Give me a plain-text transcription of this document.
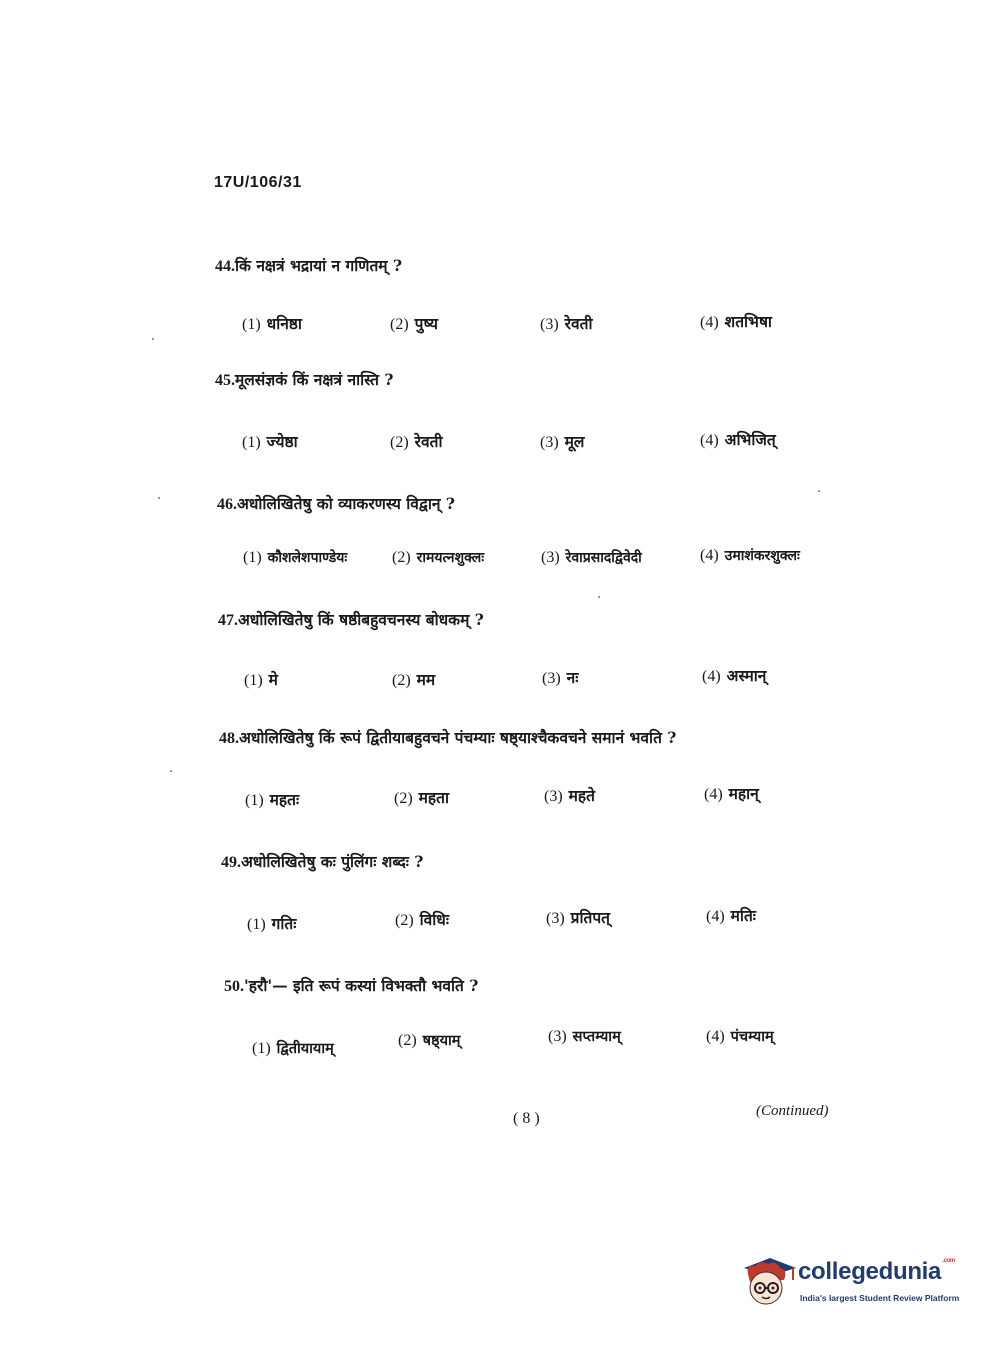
17U/106/31
44.किं नक्षत्रं भद्रायां न गणितम् ?
(1) धनिष्ठा	(2) पुष्य	(3) रेवती	(4) शतभिषा
45.मूलसंज्ञकं किं नक्षत्रं नास्ति ?
(1) ज्येष्ठा	(2) रेवती	(3) मूल	(4) अभिजित्
46.अधोलिखितेषु को व्याकरणस्य विद्वान् ?
(1) कौशलेशपाण्डेयः	(2) रामयत्नशुक्लः	(3) रेवाप्रसादद्विवेदी	(4) उमाशंकरशुक्लः
47.अधोलिखितेषु किं षष्ठीबहुवचनस्य बोधकम् ?
(1) मे	(2) मम	(3) नः	(4) अस्मान्
48.अधोलिखितेषु किं रूपं द्वितीयाबहुवचने पंचम्याः षष्ठ्याश्चैकवचने समानं भवति ?
(1) महतः	(2) महता	(3) महते	(4) महान्
49.अधोलिखितेषु कः पुंलिंगः शब्दः ?
(1) गतिः	(2) विधिः	(3) प्रतिपत्	(4) मतिः
50.'हरौ'— इति रूपं कस्यां विभक्तौ भवति ?
(1) द्वितीयायाम्	(2) षष्ठ्याम्	(3) सप्तम्याम्	(4) पंचम्याम्
( 8 )	(Continued)
collegedunia$^{.com}$
India's largest Student Review Platform
